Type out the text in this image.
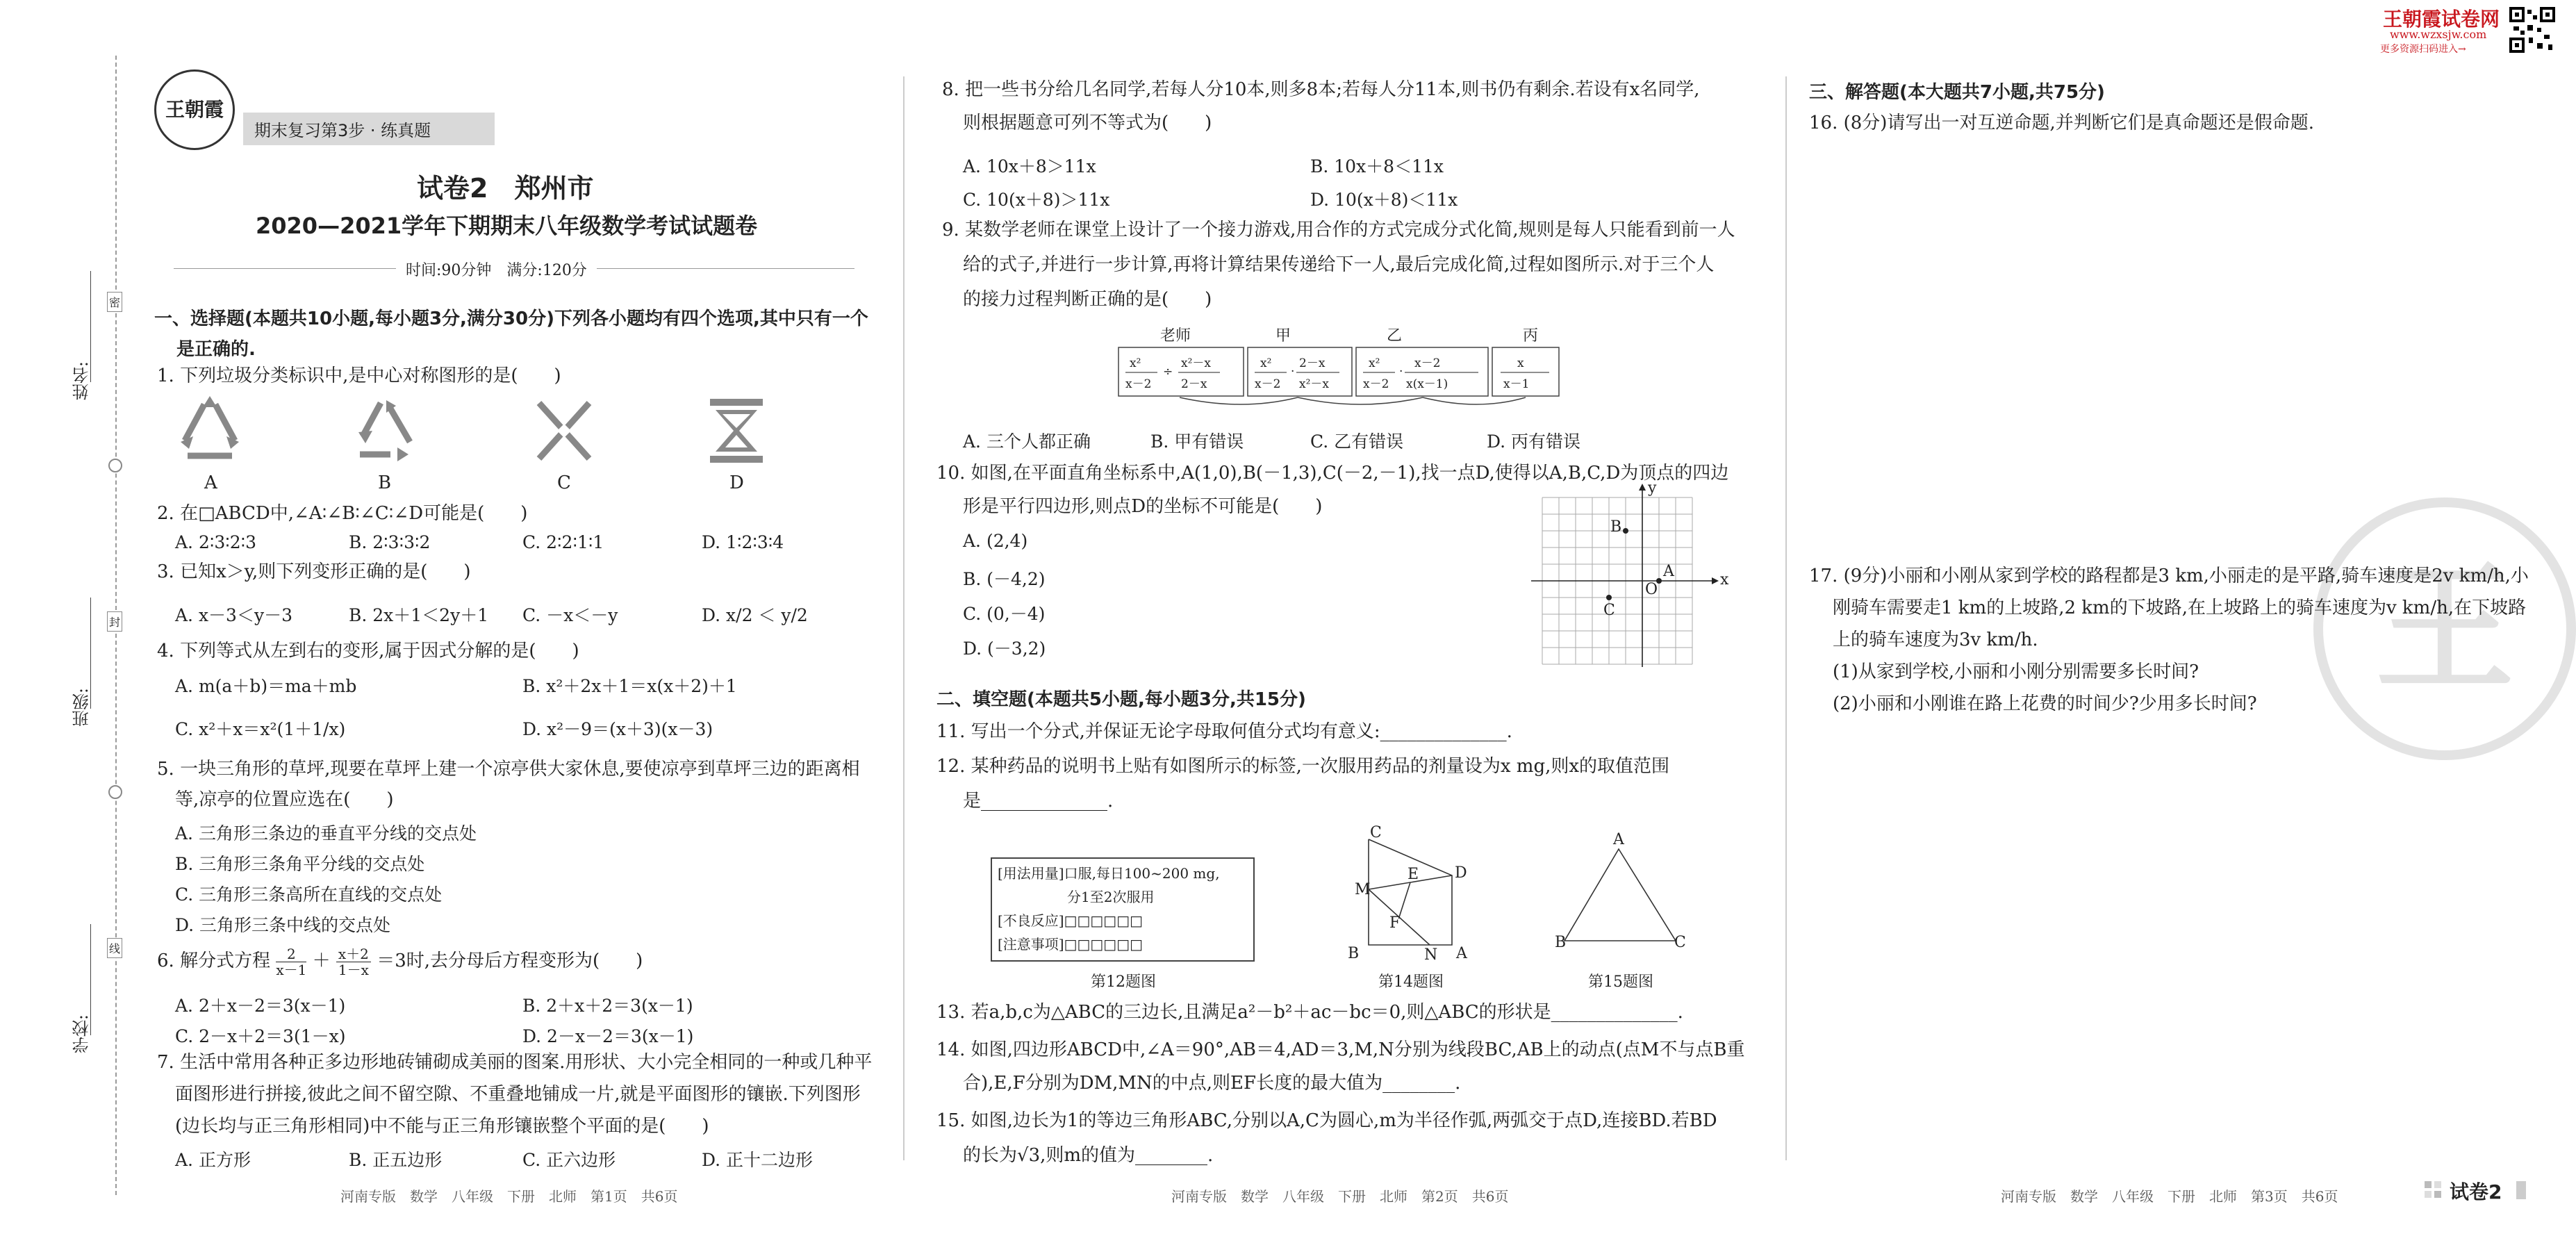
王朝霞试卷网
www.wzxsjw.com
更多资源扫码进入→
姓名:
班级:
学校:
密
封
线
王朝霞
期末复习第3步 · 练真题
试卷2　郑州市
2020—2021学年下期期末八年级数学考试试题卷
时间:90分钟　满分:120分
一、选择题(本题共10小题,每小题3分,满分30分)下列各小题均有四个选项,其中只有一个
是正确的.
1. 下列垃圾分类标识中,是中心对称图形的是(　　)
A	B	C	D
2. 在□ABCD中,∠A∶∠B∶∠C∶∠D可能是(　　)
A. 2∶3∶2∶3	B. 2∶3∶3∶2	C. 2∶2∶1∶1	D. 1∶2∶3∶4
3. 已知x＞y,则下列变形正确的是(　　)
A. x－3＜y－3	B. 2x＋1＜2y＋1 C. －x＜－y	D. x/2 ＜ y/2
4. 下列等式从左到右的变形,属于因式分解的是(　　)
A. m(a＋b)＝ma＋mb	B. x²＋2x＋1＝x(x＋2)＋1
C. x²＋x＝x²(1＋1/x)	D. x²－9＝(x＋3)(x－3)
5. 一块三角形的草坪,现要在草坪上建一个凉亭供大家休息,要使凉亭到草坪三边的距离相
等,凉亭的位置应选在(　　)
A. 三角形三条边的垂直平分线的交点处
B. 三角形三条角平分线的交点处
C. 三角形三条高所在直线的交点处
D. 三角形三条中线的交点处
6. 解分式方程 $\frac{2}{x-1} + \frac{x+2}{1-x} =3$时,去分母后方程变形为(　　)
A. 2＋x－2＝3(x－1)	B. 2＋x＋2＝3(x－1)
C. 2－x＋2＝3(1－x)	D. 2－x－2＝3(x－1)
7. 生活中常用各种正多边形地砖铺砌成美丽的图案.用形状、大小完全相同的一种或几种平
面图形进行拼接,彼此之间不留空隙、不重叠地铺成一片,就是平面图形的镶嵌.下列图形
(边长均与正三角形相同)中不能与正三角形镶嵌整个平面的是(　　)
A. 正方形	B. 正五边形	C. 正六边形	D. 正十二边形
河南专版　数学　八年级　下册　北师　第1页　共6页
8. 把一些书分给几名同学,若每人分10本,则多8本;若每人分11本,则书仍有剩余.若设有x名同学,
则根据题意可列不等式为(　　)
A. 10x＋8＞11x	B. 10x＋8＜11x
C. 10(x＋8)＞11x	D. 10(x＋8)＜11x
9. 某数学老师在课堂上设计了一个接力游戏,用合作的方式完成分式化简,规则是每人只能看到前一人
给的式子,并进行一步计算,再将计算结果传递给下一人,最后完成化简,过程如图所示.对于三个人
的接力过程判断正确的是(　　)
老师	甲	乙	丙
x²
x－2
÷
x²－x
2－x
x²
x－2
·
2－x
x²－x
x²
x－2
·
x－2
x(x－1)
x
x－1
A. 三个人都正确	B. 甲有错误	C. 乙有错误	D. 丙有错误
10. 如图,在平面直角坐标系中,A(1,0),B(－1,3),C(－2,－1),找一点D,使得以A,B,C,D为顶点的四边
形是平行四边形,则点D的坐标不可能是(　　)
A. (2,4)
B. (－4,2)
C. (0,－4)
D. (－3,2)
x
y
A
B
C
O
二、填空题(本题共5小题,每小题3分,共15分)
11. 写出一个分式,并保证无论字母取何值分式均有意义:______________.
12. 某种药品的说明书上贴有如图所示的标签,一次服用药品的剂量设为x mg,则x的取值范围
是______________.
[用法用量]口服,每日100~200 mg,
分1至2次服用
[不良反应]□□□□□□
[注意事项]□□□□□□
第12题图
C
E D
M
F
B	N A
第14题图
A
B	C
第15题图
13. 若a,b,c为△ABC的三边长,且满足a²－b²＋ac－bc＝0,则△ABC的形状是______________.
14. 如图,四边形ABCD中,∠A＝90°,AB＝4,AD＝3,M,N分别为线段BC,AB上的动点(点M不与点B重
合),E,F分别为DM,MN的中点,则EF长度的最大值为________.
15. 如图,边长为1的等边三角形ABC,分别以A,C为圆心,m为半径作弧,两弧交于点D,连接BD.若BD
的长为√3,则m的值为________.
河南专版　数学　八年级　下册　北师　第2页　共6页
三、解答题(本大题共7小题,共75分)
16. (8分)请写出一对互逆命题,并判断它们是真命题还是假命题.
王
17. (9分)小丽和小刚从家到学校的路程都是3 km,小丽走的是平路,骑车速度是2v km/h,小
刚骑车需要走1 km的上坡路,2 km的下坡路,在上坡路上的骑车速度为v km/h,在下坡路
上的骑车速度为3v km/h.
(1)从家到学校,小丽和小刚分别需要多长时间?
(2)小丽和小刚谁在路上花费的时间少?少用多长时间?
河南专版　数学　八年级　下册　北师　第3页　共6页	试卷2
